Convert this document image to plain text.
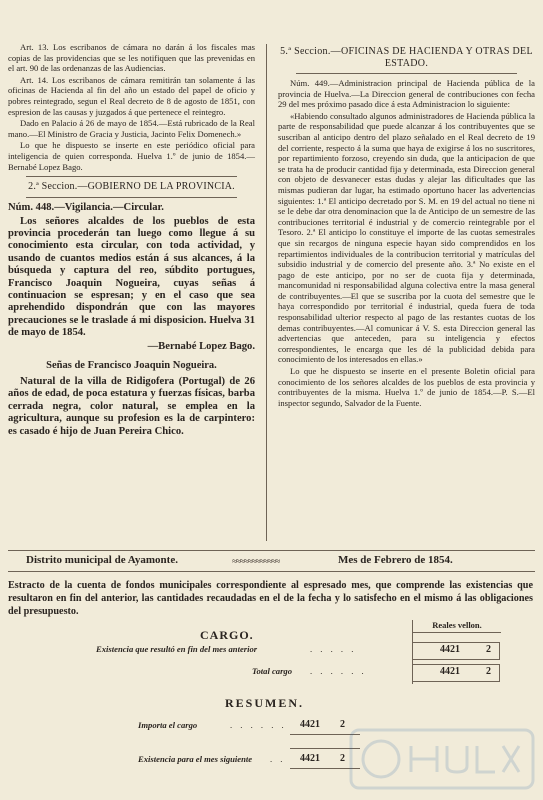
Art. 13. Los escribanos de cámara no darán á los fiscales mas copias de las providencias que se les notifiquen que las prevenidas en el art. 90 de las ordenanzas de las Audiencias.

Art. 14. Los escribanos de cámara remitirán tan solamente á las oficinas de Hacienda al fin del año un estado del papel de oficio y pobres reintegrado, segun el Real decreto de 8 de agosto de 1851, con espresion de las causas y juzgados á que pertenece el reintegro.

Dado en Palacio á 26 de mayo de 1854.—Está rubricado de la Real mano.—El Ministro de Gracia y Justicia, Jacinto Felix Domenech.»

Lo que he dispuesto se inserte en este periódico oficial para inteligencia de quien corresponda. Huelva 1.º de junio de 1854.—Bernabé Lopez Bago.

2.ª Seccion.—GOBIERNO DE LA PROVINCIA.

Núm. 448.—Vigilancia.—Circular.

Los señores alcaldes de los pueblos de esta provincia procederán tan luego como llegue á su conocimiento esta circular, con toda actividad, y usando de cuantos medios están á sus alcances, á la búsqueda y captura del reo, súbdito portugues, Francisco Joaquin Nogueira, cuyas señas á continuacion se espresan; y en el caso que sea aprehendido dispondrán que con las mayores precauciones se le traslade á mi disposicion. Huelva 31 de mayo de 1854.

—Bernabé Lopez Bago.

Señas de Francisco Joaquin Nogueira.

Natural de la villa de Ridigofera (Portugal) de 26 años de edad, de poca estatura y fuerzas físicas, barba cerrada negra, color natural, se emplea en la agricultura, aunque su profesion es la de carpintero: es casado é hijo de Juan Pereira Chico.

5.ª Seccion.—OFICINAS DE HACIENDA Y OTRAS DEL ESTADO.

Núm. 449.—Administracion principal de Hacienda pública de la provincia de Huelva.—La Direccion general de contribuciones con fecha 29 del mes próximo pasado dice á esta Administracion lo siguiente:

«Habiendo consultado algunos administradores de Hacienda pública la parte de responsabilidad que puede alcanzar á los contribuyentes que se suscriban al anticipo dentro del plazo señalado en el Real decreto de 19 del corriente, respecto á la suma que haya de exigirse á los no suscritores, por repartimiento forzoso, creyendo sin duda, que la anticipacion de que se trata ha de producir cantidad fija y determinada, esta Direccion general con objeto de desvanecer estas dudas y alejar las dificultades que las mismas pudieran dar lugar, ha estimado oportuno hacer las advertencias siguientes: 1.ª El anticipo decretado por S. M. en 19 del actual no tiene ni se le debe dar otra denominacion que la de Anticipo de un semestre de las contribuciones territorial é industrial y de comercio reintegrable por el Tesoro. 2.ª El anticipo lo constituye el importe de las cuotas semestrales que sin recargos de ninguna especie hayan sido comprendidos en los repartimientos individuales de la contribucion territorial y matrículas del subsidio industrial y de comercio del presente año. 3.ª No existe en el pago de este anticipo, por no ser de cuota fija y determinada, mancomunidad ni responsabilidad alguna colectiva entre la masa general de contribuyentes.—El que se suscriba por la cuota del semestre que le haya correspondido por territorial é industrial, queda fuera de toda responsabilidad ulterior respecto al pago de las restantes cuotas de los demas contribuyentes.—Al comunicar á V. S. esta Direccion general las advertencias que anteceden, para su inteligencia y efectos correspondientes, le encarga que les dé la publicidad debida para conocimiento de los interesados en ellas.»

Lo que he dispuesto se inserte en el presente Boletin oficial para conocimiento de los señores alcaldes de los pueblos de esta provincia y contribuyentes de la misma. Huelva 1.º de junio de 1854.—P. S.—El inspector segundo, Salvador de la Fuente.

Distrito municipal de Ayamonte.	≈≈≈≈≈≈≈≈≈≈≈≈	Mes de Febrero de 1854.
Estracto de la cuenta de fondos municipales correspondiente al espresado mes, que comprende las existencias que resultaron en fin del anterior, las cantidades recaudadas en el de la fecha y lo satisfecho en el mismo á las obligaciones del presupuesto.
CARGO.
Reales vellon.
Existencia que resultó en fin del mes anterior	. . . . .	4421	2
Total cargo . . . . . .	4421	2
RESUMEN.
Importa el cargo	. . . . . . 4421 2
Existencia para el mes siguiente . . 4421 2
